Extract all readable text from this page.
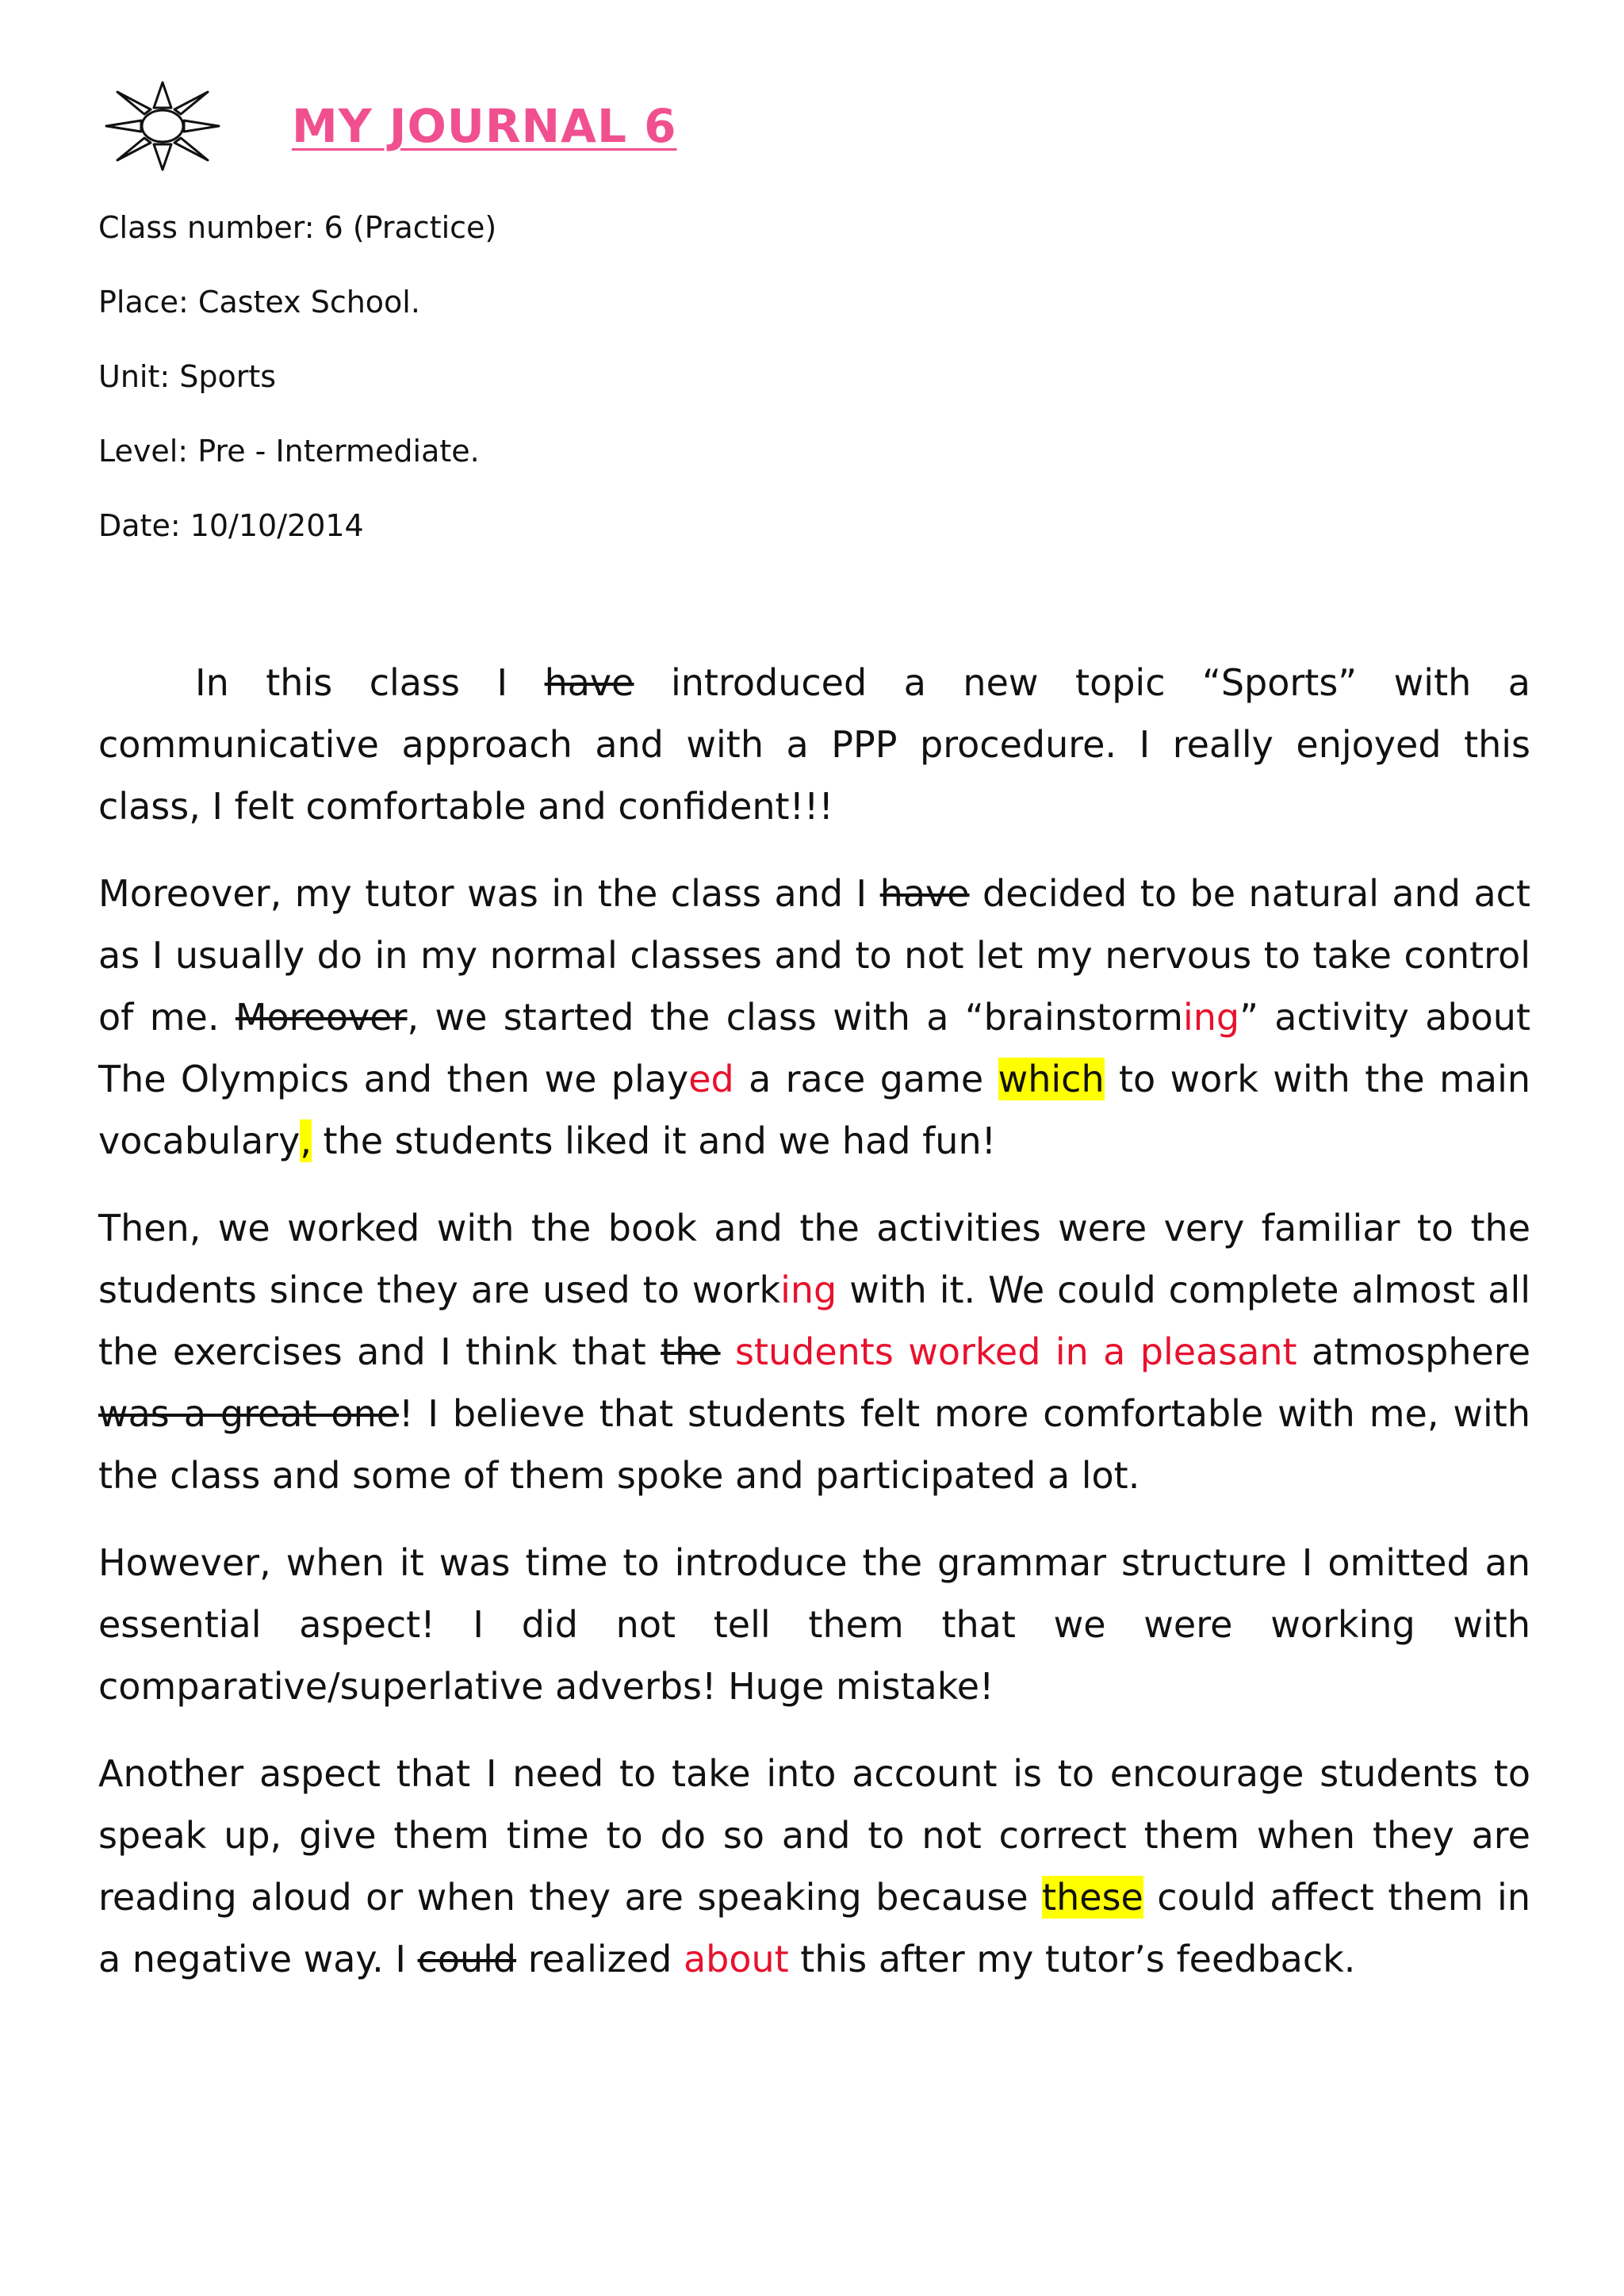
MY JOURNAL 6
Class number: 6 (Practice)
Place: Castex School.
Unit: Sports
Level: Pre - Intermediate.
Date: 10/10/2014

In this class I have introduced a new topic “Sports” with a communicative approach and with a PPP procedure. I really enjoyed this class, I felt comfortable and confident!!!

Moreover, my tutor was in the class and I have decided to be natural and act as I usually do in my normal classes and to not let my nervous to take control of me. Moreover, we started the class with a “brainstorming” activity about The Olympics and then we played a race game which to work with the main vocabulary, the students liked it and we had fun!

Then, we worked with the book and the activities were very familiar to the students since they are used to working with it. We could complete almost all the exercises and I think that the students worked in a pleasant atmosphere was a great one! I believe that students felt more comfortable with me, with the class and some of them spoke and participated a lot.

However, when it was time to introduce the grammar structure I omitted an essential aspect! I did not tell them that we were working with comparative/superlative adverbs! Huge mistake!

Another aspect that I need to take into account is to encourage students to speak up, give them time to do so and to not correct them when they are reading aloud or when they are speaking because these could affect them in a negative way. I could realized about this after my tutor’s feedback.
